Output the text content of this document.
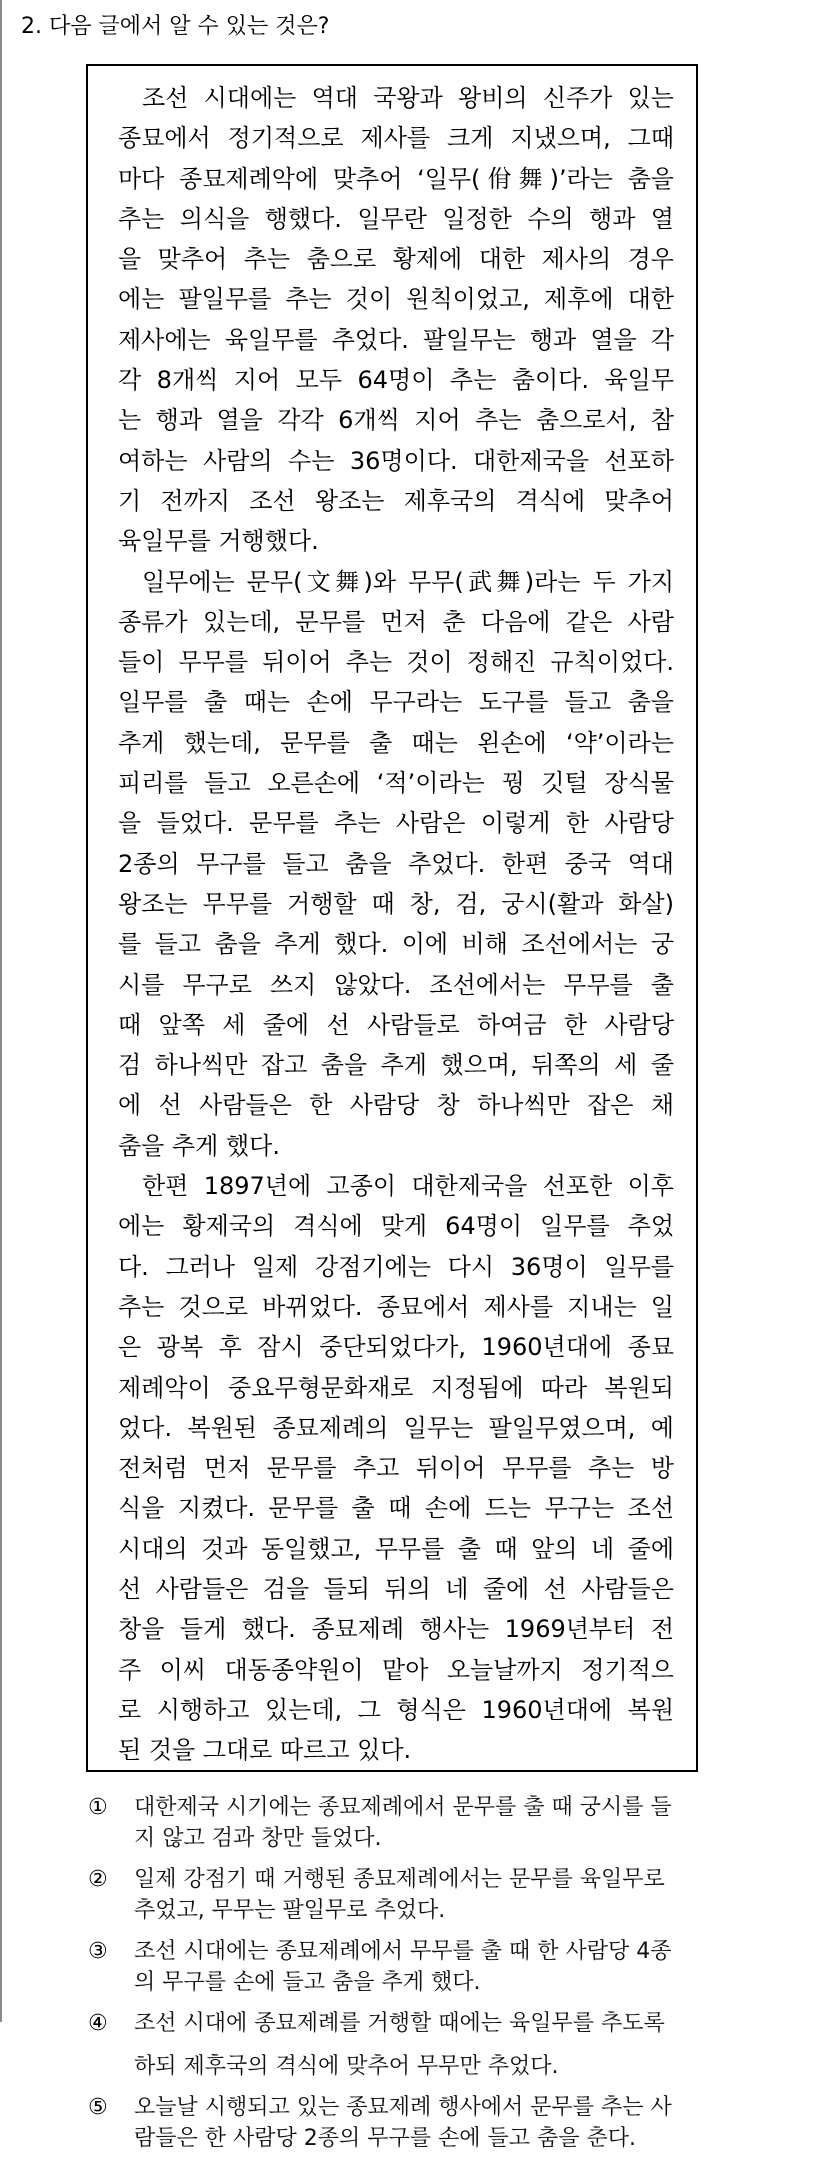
2. 다음 글에서 알 수 있는 것은?
조선 시대에는 역대 국왕과 왕비의 신주가 있는
종묘에서 정기적으로 제사를 크게 지냈으며, 그때
마다 종묘제례악에 맞추어 ‘일무(佾舞)’라는 춤을
추는 의식을 행했다. 일무란 일정한 수의 행과 열
을 맞추어 추는 춤으로 황제에 대한 제사의 경우
에는 팔일무를 추는 것이 원칙이었고, 제후에 대한
제사에는 육일무를 추었다. 팔일무는 행과 열을 각
각 8개씩 지어 모두 64명이 추는 춤이다. 육일무
는 행과 열을 각각 6개씩 지어 추는 춤으로서, 참
여하는 사람의 수는 36명이다. 대한제국을 선포하
기 전까지 조선 왕조는 제후국의 격식에 맞추어
육일무를 거행했다.
일무에는 문무(文舞)와 무무(武舞)라는 두 가지
종류가 있는데, 문무를 먼저 춘 다음에 같은 사람
들이 무무를 뒤이어 추는 것이 정해진 규칙이었다.
일무를 출 때는 손에 무구라는 도구를 들고 춤을
추게 했는데, 문무를 출 때는 왼손에 ‘약’이라는
피리를 들고 오른손에 ‘적’이라는 꿩 깃털 장식물
을 들었다. 문무를 추는 사람은 이렇게 한 사람당
2종의 무구를 들고 춤을 추었다. 한편 중국 역대
왕조는 무무를 거행할 때 창, 검, 궁시(활과 화살)
를 들고 춤을 추게 했다. 이에 비해 조선에서는 궁
시를 무구로 쓰지 않았다. 조선에서는 무무를 출
때 앞쪽 세 줄에 선 사람들로 하여금 한 사람당
검 하나씩만 잡고 춤을 추게 했으며, 뒤쪽의 세 줄
에 선 사람들은 한 사람당 창 하나씩만 잡은 채
춤을 추게 했다.
한편 1897년에 고종이 대한제국을 선포한 이후
에는 황제국의 격식에 맞게 64명이 일무를 추었
다. 그러나 일제 강점기에는 다시 36명이 일무를
추는 것으로 바뀌었다. 종묘에서 제사를 지내는 일
은 광복 후 잠시 중단되었다가, 1960년대에 종묘
제례악이 중요무형문화재로 지정됨에 따라 복원되
었다. 복원된 종묘제례의 일무는 팔일무였으며, 예
전처럼 먼저 문무를 추고 뒤이어 무무를 추는 방
식을 지켰다. 문무를 출 때 손에 드는 무구는 조선
시대의 것과 동일했고, 무무를 출 때 앞의 네 줄에
선 사람들은 검을 들되 뒤의 네 줄에 선 사람들은
창을 들게 했다. 종묘제례 행사는 1969년부터 전
주 이씨 대동종약원이 맡아 오늘날까지 정기적으
로 시행하고 있는데, 그 형식은 1960년대에 복원
된 것을 그대로 따르고 있다.
① 대한제국 시기에는 종묘제례에서 문무를 출 때 궁시를 들
지 않고 검과 창만 들었다.
② 일제 강점기 때 거행된 종묘제례에서는 문무를 육일무로
추었고, 무무는 팔일무로 추었다.
③ 조선 시대에는 종묘제례에서 무무를 출 때 한 사람당 4종
의 무구를 손에 들고 춤을 추게 했다.
④ 조선 시대에 종묘제례를 거행할 때에는 육일무를 추도록
하되 제후국의 격식에 맞추어 무무만 추었다.
⑤ 오늘날 시행되고 있는 종묘제례 행사에서 문무를 추는 사
람들은 한 사람당 2종의 무구를 손에 들고 춤을 춘다.
